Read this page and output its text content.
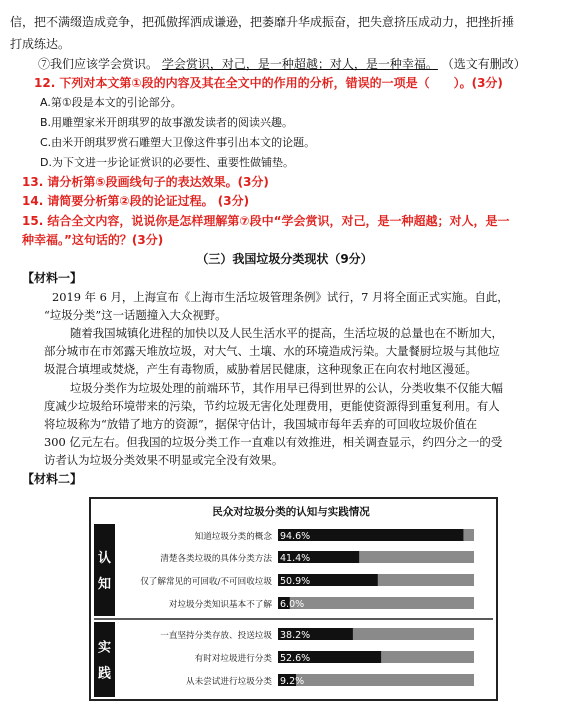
信，把不满缀造成竞争，把孤傲挥洒成谦逊，把萎靡升华成振奋，把失意挤压成动力，把挫折捶
打成练达。
⑦我们应该学会赏识。 学会赏识，对己，是一种超越；对人，是一种幸福。 （选文有删改）
12. 下列对本文第①段的内容及其在全文中的作用的分析，错误的一项是（　　）。(3分)
A.第①段是本文的引论部分。
B.用雕塑家米开朗琪罗的故事激发读者的阅读兴趣。
C.由米开朗琪罗赏石雕塑大卫像这件事引出本文的论题。
D.为下文进一步论证赏识的必要性、重要性做铺垫。
13. 请分析第⑤段画线句子的表达效果。(3分)
14. 请简要分析第②段的论证过程。 (3分)
15. 结合全文内容，说说你是怎样理解第⑦段中“学会赏识，对己，是一种超越；对人，是一
种幸福。”这句话的？(3分)
（三）我国垃圾分类现状（9分）
【材料一】
2019 年 6 月，上海宣布《上海市生活垃圾管理条例》试行，7 月将全面正式实施。自此，
“垃圾分类”这一话题撞入大众视野。
随着我国城镇化进程的加快以及人民生活水平的提高，生活垃圾的总量也在不断加大，
部分城市在市郊露天堆放垃圾，对大气、土壤、水的环境造成污染。大量餐厨垃圾与其他垃
圾混合填埋或焚烧，产生有毒物质，威胁着居民健康，这种现象正在向农村地区漫延。
垃圾分类作为垃圾处理的前端环节，其作用早已得到世界的公认，分类收集不仅能大幅
度减少垃圾给环境带来的污染，节约垃圾无害化处理费用，更能使资源得到重复利用。有人
将垃圾称为“放错了地方的资源”，据保守估计，我国城市每年丢弃的可回收垃圾价值在
300 亿元左右。但我国的垃圾分类工作一直难以有效推进，相关调查显示，约四分之一的受
访者认为垃圾分类效果不明显或完全没有效果。
【材料二】
民众对垃圾分类的认知与实践情况
认
知
知道垃圾分类的概念 94.6%
清楚各类垃圾的具体分类方法 41.4%
仅了解常见的可回收/不可回收垃圾 50.9%
对垃圾分类知识基本不了解 6.0%
实
践
一直坚持分类存放、投送垃圾 38.2%
有时对垃圾进行分类 52.6%
从未尝试进行垃圾分类 9.2%
